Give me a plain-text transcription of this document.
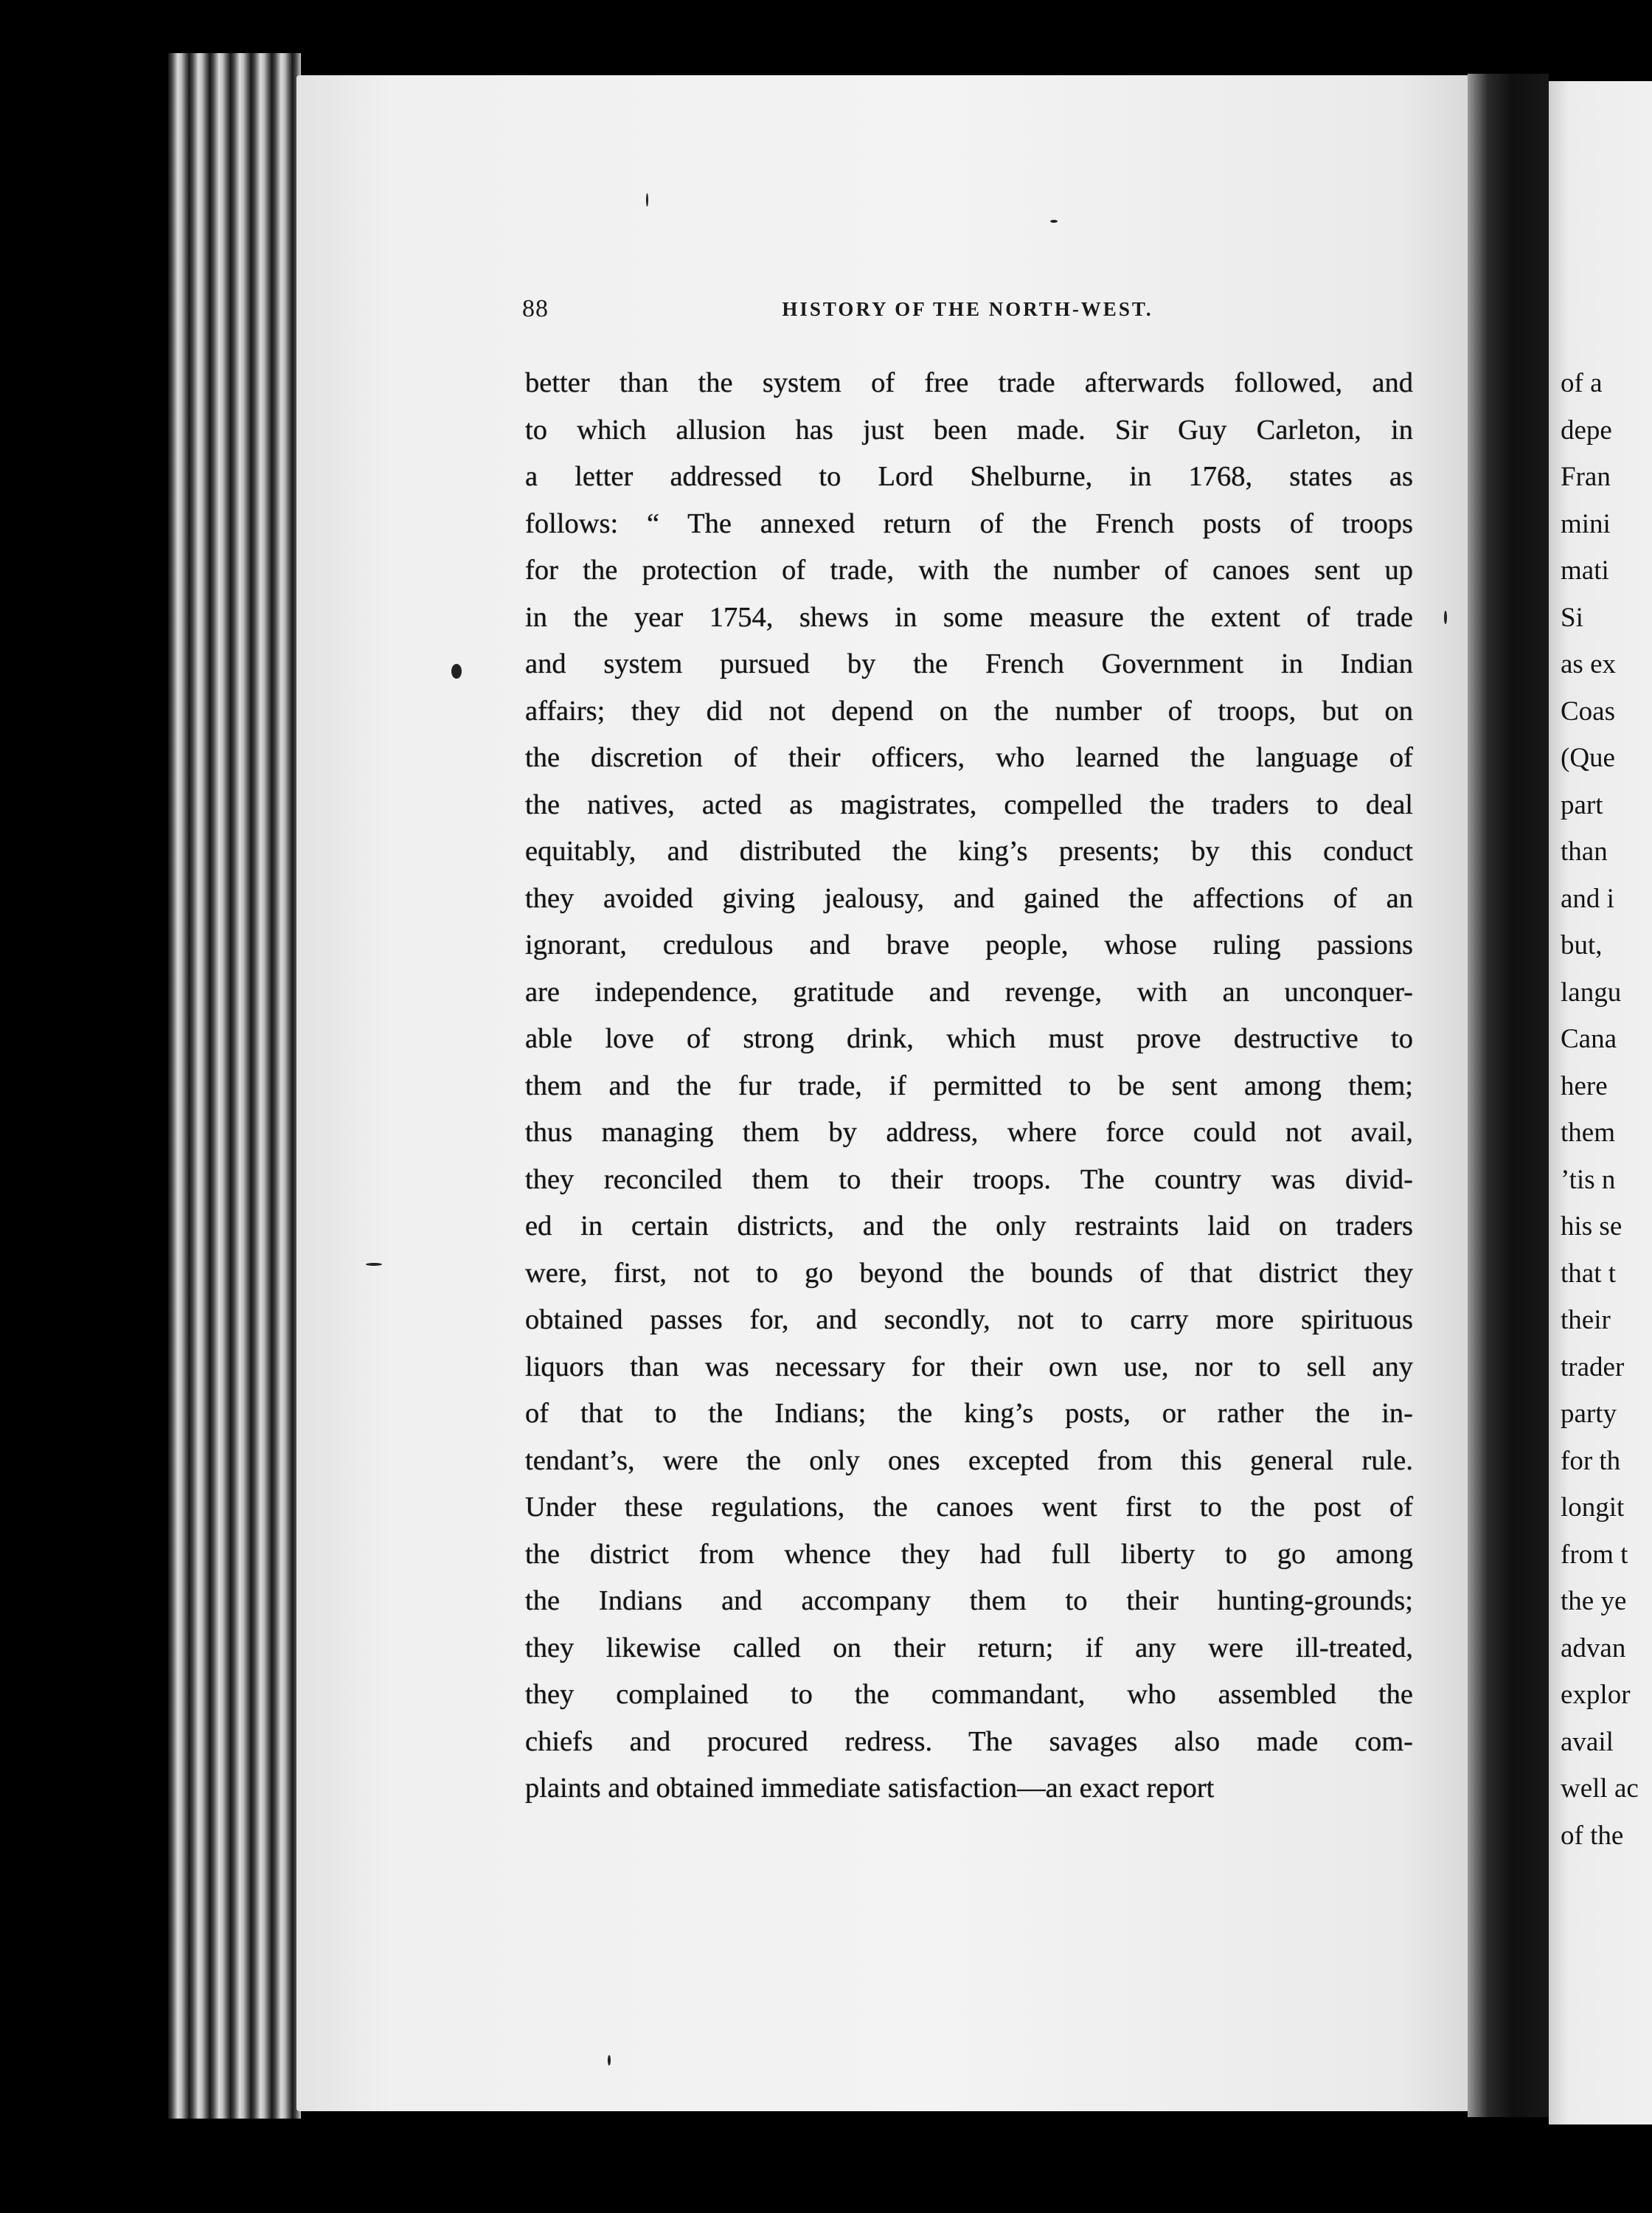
88	HISTORY OF THE NORTH-WEST.
better than the system of free trade afterwards followed, and
to which allusion has just been made. Sir Guy Carleton, in
a letter addressed to Lord Shelburne, in 1768, states as
follows: “ The annexed return of the French posts of troops
for the protection of trade, with the number of canoes sent up
in the year 1754, shews in some measure the extent of trade
and system pursued by the French Government in Indian
affairs; they did not depend on the number of troops, but on
the discretion of their officers, who learned the language of
the natives, acted as magistrates, compelled the traders to deal
equitably, and distributed the king’s presents; by this conduct
they avoided giving jealousy, and gained the affections of an
ignorant, credulous and brave people, whose ruling passions
are independence, gratitude and revenge, with an unconquer-
able love of strong drink, which must prove destructive to
them and the fur trade, if permitted to be sent among them;
thus managing them by address, where force could not avail,
they reconciled them to their troops. The country was divid-
ed in certain districts, and the only restraints laid on traders
were, first, not to go beyond the bounds of that district they
obtained passes for, and secondly, not to carry more spirituous
liquors than was necessary for their own use, nor to sell any
of that to the Indians; the king’s posts, or rather the in-
tendant’s, were the only ones excepted from this general rule.
Under these regulations, the canoes went first to the post of
the district from whence they had full liberty to go among
the Indians and accompany them to their hunting-grounds;
they likewise called on their return; if any were ill-treated,
they complained to the commandant, who assembled the
chiefs and procured redress. The savages also made com-
plaints and obtained immediate satisfaction—an exact report
of a
depe
Fran
mini
mati
Si
as ex
Coas
(Que
part
than
and i
but,
langu
Cana
here
them
’tis n
his se
that t
their
trader
party
for th
longit
from t
the ye
advan
explor
avail
well ac
of the
